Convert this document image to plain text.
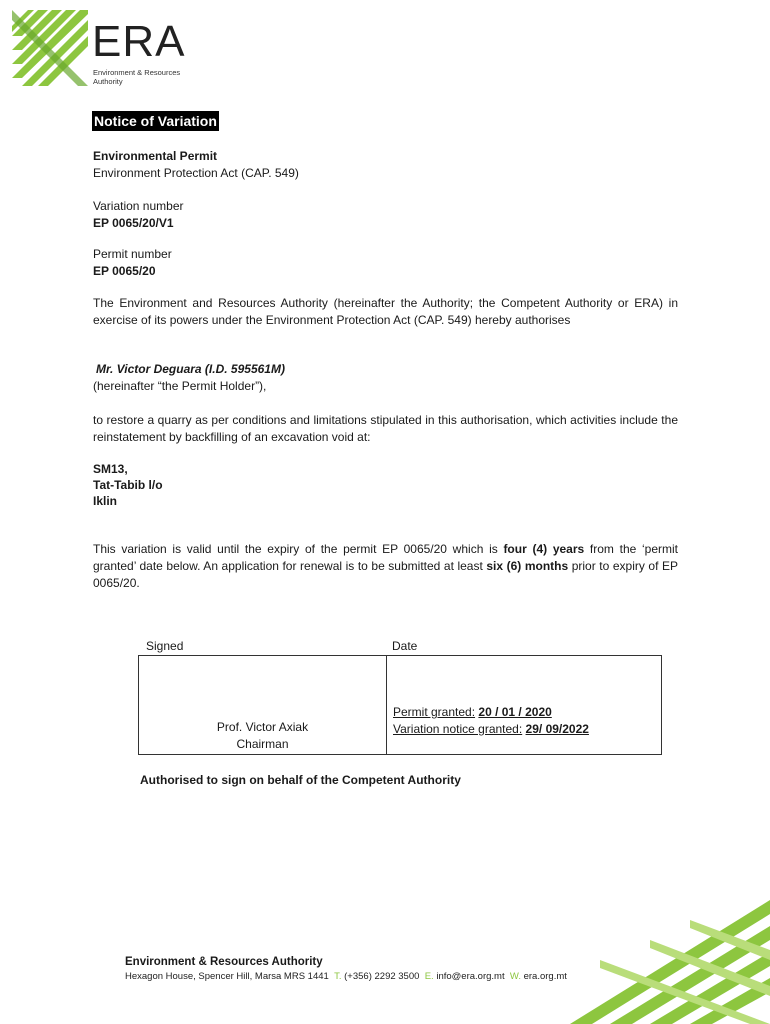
ERA
Environment & Resources
Authority
Notice of Variation
Environmental Permit
Environment Protection Act (CAP. 549)
Variation number
EP 0065/20/V1
Permit number
EP 0065/20
The Environment and Resources Authority (hereinafter the Authority; the Competent Authority or ERA) in exercise of its powers under the Environment Protection Act (CAP. 549) hereby authorises
Mr. Victor Deguara (I.D. 595561M)
(hereinafter “the Permit Holder”),
to restore a quarry as per conditions and limitations stipulated in this authorisation, which activities include the reinstatement by backfilling of an excavation void at:
SM13,
Tat-Tabib l/o
Iklin
This variation is valid until the expiry of the permit EP 0065/20 which is four (4) years from the ‘permit granted’ date below. An application for renewal is to be submitted at least six (6) months prior to expiry of EP 0065/20.
Signed	Date
Prof. Victor Axiak
Chairman

Permit granted: 20 / 01 / 2020
Variation notice granted: 29/ 09/2022
Authorised to sign on behalf of the Competent Authority
Environment & Resources Authority
Hexagon House, Spencer Hill, Marsa MRS 1441 T. (+356) 2292 3500 E. info@era.org.mt W. era.org.mt
